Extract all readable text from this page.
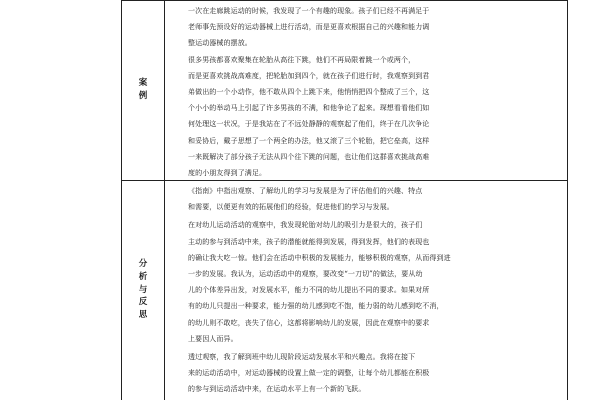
案
例
分
析
与
反
思
一次在走廊跳运动的时候，我发现了一个有趣的现象。孩子们已经不再满足于
老师事先预设好的运动器械上进行活动，而是更喜欢根据自己的兴趣和能力调
整运动器械的摆放。
很多男孩都喜欢聚集在轮胎从高往下跳，他们不再局限着跳一个或两个，
而是更喜欢挑战高难度，把轮胎加到四个，就在孩子们进行时，我观察到到君
弟做出的一个小动作，他不敢从四个上跳下来，他悄悄把四个整成了三个，这
个小小的举动马上引起了许多男孩的不满，和他争论了起来。琛想看看他们如
何处理这一状况，于是我站在了不远处静静的观察起了他们，终于在几次争论
和妥协后，戴子思想了一个两全的办法，他又滚了三个轮胎，把它垒高，这样
一来既解决了部分孩子无法从四个往下跳的问题，也让他们这群喜欢挑战高难
度的小朋友得到了满足。
《指南》中指出观察、了解幼儿的学习与发展是为了评估他们的兴趣、特点
和需要，以便更有效的拓展他们的经验，促进他们的学习与发展。
在对幼儿运动活动的观察中，我发现轮胎对幼儿的吸引力是很大的，孩子们
主动的参与到活动中来，孩子的潜能就能得到发展，得到发挥，他们的表现也
的确让我大吃一惊。他们会在活动中积极的发展能力，能够积极的观察，从而得到进
一步的发展。我认为，运动活动中的观察，要改变“一刀切”的做法，要从幼
儿的个体差异出发，对发展水平，能力不同的幼儿提出不同的要求。如果对所
有的幼儿只提出一种要求，能力强的幼儿感到吃不饱，能力弱的幼儿感到吃不消，
的幼儿则不敢吃，丧失了信心，这都将影响幼儿的发展，因此在观察中的要求
上要因人而异。
透过观察，我了解到班中幼儿现阶段运动发展水平和兴趣点。我将在接下
来的运动活动中，对运动器械的设置上做一定的调整，让每个幼儿都能在积极
的参与到运动活动中来，在运动水平上有一个新的飞跃。
